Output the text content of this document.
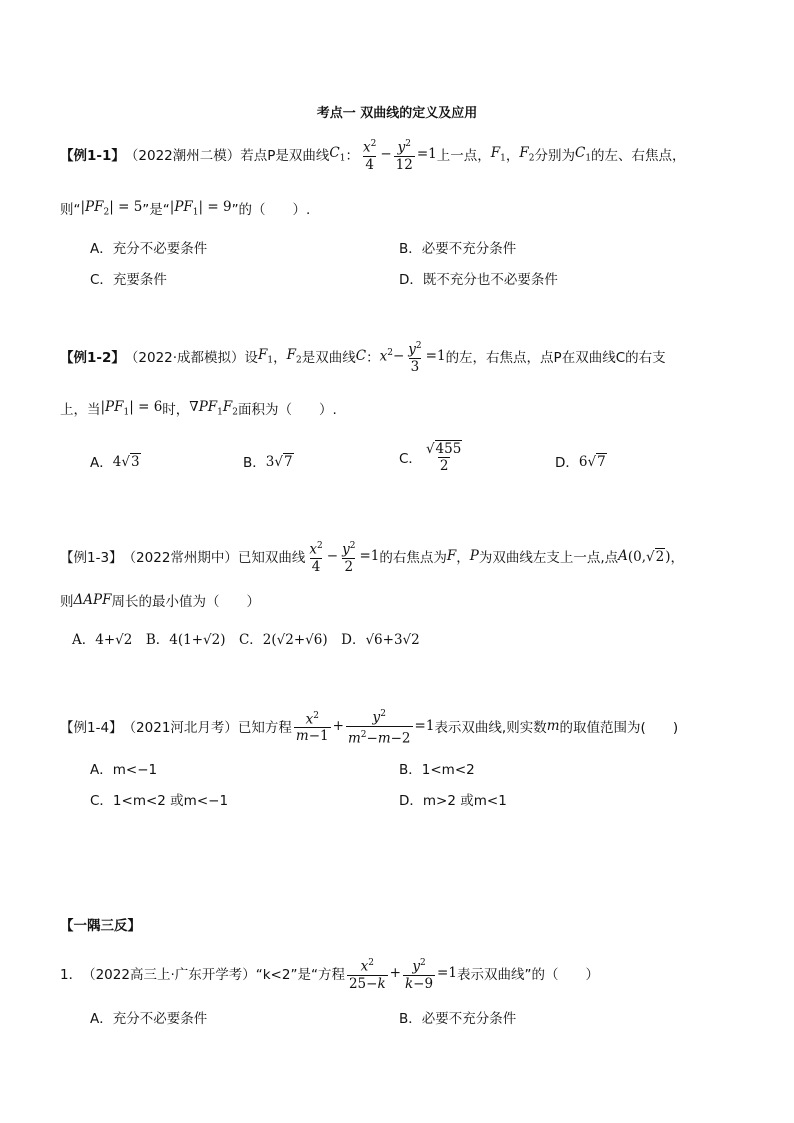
考点一 双曲线的定义及应用
【例1-1】 （2022潮州二模） 若点P是双曲线 $C_1$ ： $\frac{x^2}{4} - \frac{y^2}{12} =1$ 上一点， $F_1$ ， $F_2$ 分别为 $C_1$ 的左、右焦点，
则“ $|PF_2| = 5$ ”是“ $|PF_1| = 9$ ”的（　　）.
A．充分不必要条件	B．必要不充分条件
C．充要条件	D．既不充分也不必要条件
【例1-2】 （2022·成都模拟） 设 $F_1$ ， $F_2$ 是双曲线 C ： $x^2 - \frac{y^2}{3} =1$ 的左，右焦点，点P在双曲线C的右支
上，当 $|PF_1| = 6$ 时， $\nabla PF_1F_2$ 面积为（　　）.
A． 4√3	B． 3√7	C． $\frac{√455}{2}$	D． 6√7
【例1-3】 （2022常州期中） 已知双曲线 $\frac{x^2}{4} - \frac{y^2}{2} =1$ 的右焦点为 F ， P 为双曲线左支上一点,点 A (0,√2) ，
则 ΔAPF 周长的最小值为（　　）
A．4+√2　B．4(1+√2)　C．2(√2+√6)　D．√6+3√2
【例1-4】 （2021河北月考） 已知方程 $\frac{x^2}{m-1} + \frac{y^2}{m^2-m-2} =1$ 表示双曲线,则实数 m 的取值范围为(　　)
A．m<−1	B．1<m<2
C．1<m<2 或m<−1	D．m>2 或m<1
【一隅三反】
1． （2022高三上·广东开学考） “k<2”是“方程 $\frac{x^2}{25-k} + \frac{y^2}{k-9} =1$ 表示双曲线”的（　　）
A．充分不必要条件	B．必要不充分条件
